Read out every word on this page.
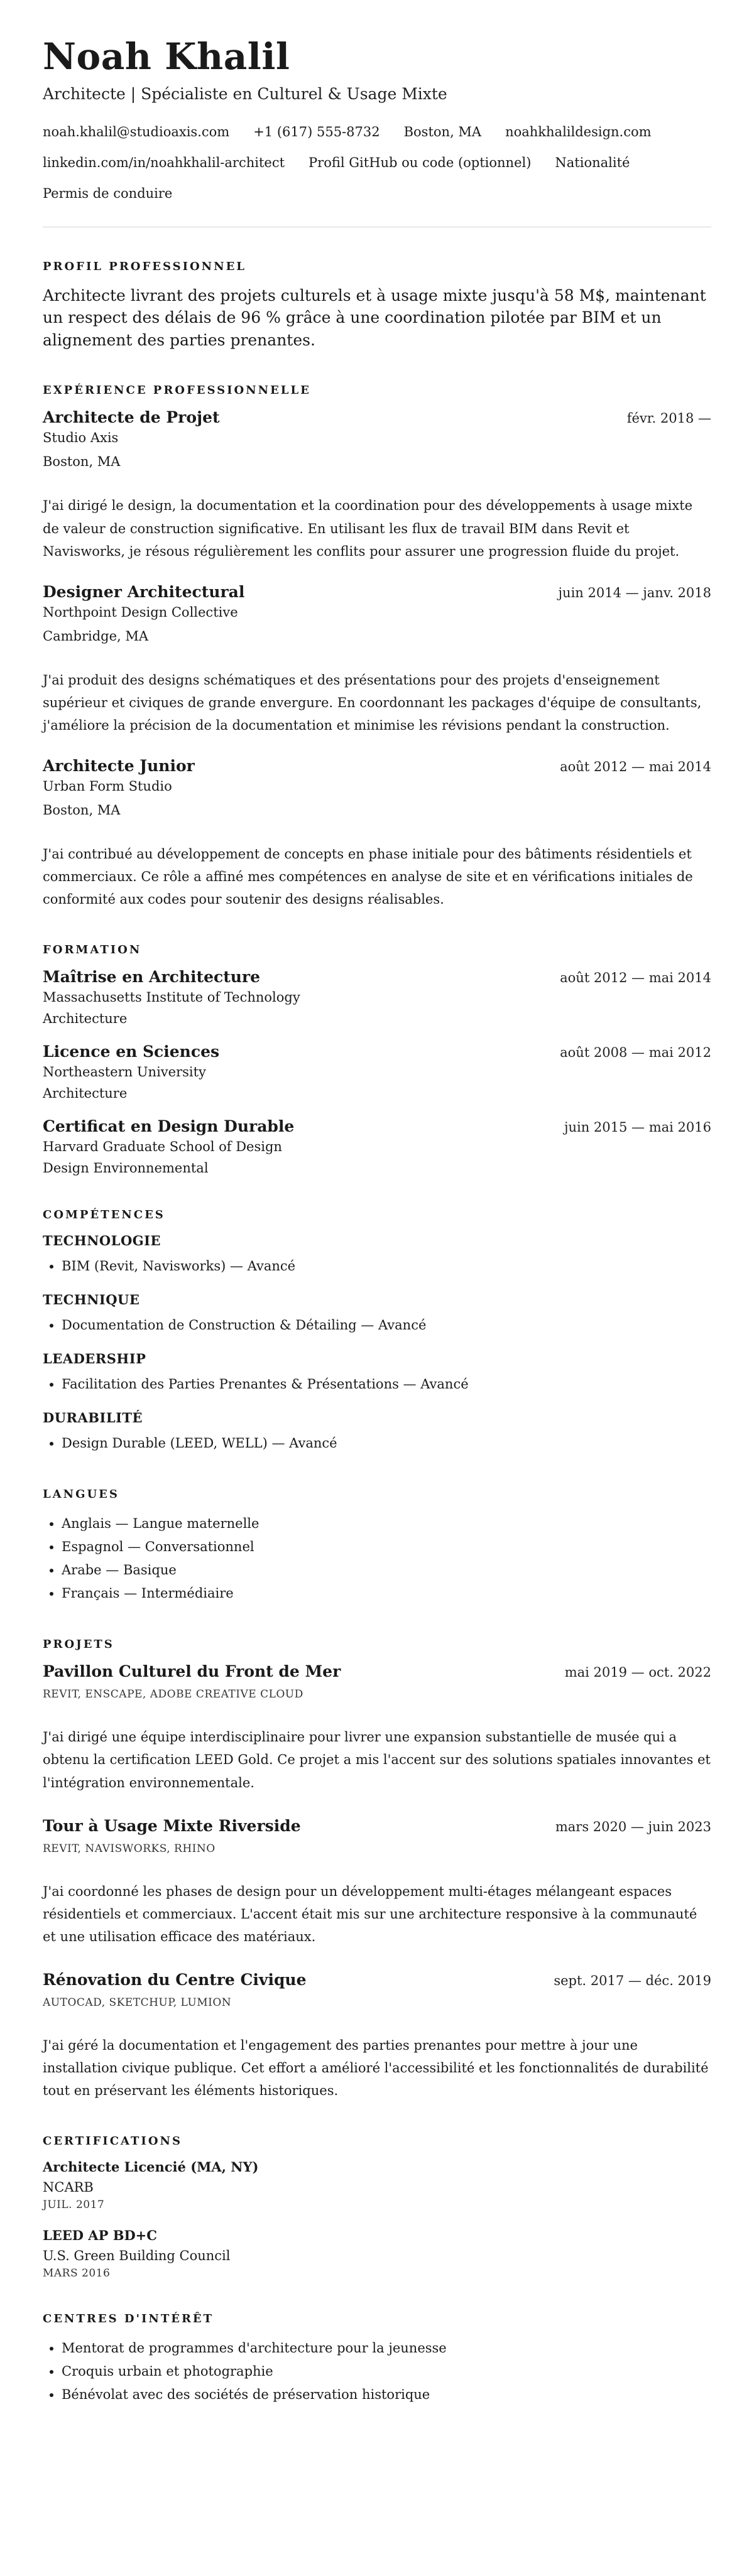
Noah Khalil
Architecte | Spécialiste en Culturel & Usage Mixte
noah.khalil@studioaxis.com +1 (617) 555-8732 Boston, MA noahkhalildesign.com
linkedin.com/in/noahkhalil-architect Profil GitHub ou code (optionnel) Nationalité
Permis de conduire
PROFIL PROFESSIONNEL
Architecte livrant des projets culturels et à usage mixte jusqu'à 58 M$, maintenant un respect des délais de 96 % grâce à une coordination pilotée par BIM et un alignement des parties prenantes.
EXPÉRIENCE PROFESSIONNELLE
Architecte de Projet	févr. 2018 —
Studio Axis
Boston, MA
J'ai dirigé le design, la documentation et la coordination pour des développements à usage mixte de valeur de construction significative. En utilisant les flux de travail BIM dans Revit et Navisworks, je résous régulièrement les conflits pour assurer une progression fluide du projet.
Designer Architectural	juin 2014 — janv. 2018
Northpoint Design Collective
Cambridge, MA
J'ai produit des designs schématiques et des présentations pour des projets d'enseignement supérieur et civiques de grande envergure. En coordonnant les packages d'équipe de consultants, j'améliore la précision de la documentation et minimise les révisions pendant la construction.
Architecte Junior	août 2012 — mai 2014
Urban Form Studio
Boston, MA
J'ai contribué au développement de concepts en phase initiale pour des bâtiments résidentiels et commerciaux. Ce rôle a affiné mes compétences en analyse de site et en vérifications initiales de conformité aux codes pour soutenir des designs réalisables.
FORMATION
Maîtrise en Architecture	août 2012 — mai 2014
Massachusetts Institute of Technology
Architecture
Licence en Sciences	août 2008 — mai 2012
Northeastern University
Architecture
Certificat en Design Durable	juin 2015 — mai 2016
Harvard Graduate School of Design
Design Environnemental
COMPÉTENCES
TECHNOLOGIE
• BIM (Revit, Navisworks) — Avancé
TECHNIQUE
• Documentation de Construction & Détailing — Avancé
LEADERSHIP
• Facilitation des Parties Prenantes & Présentations — Avancé
DURABILITÉ
• Design Durable (LEED, WELL) — Avancé
LANGUES
• Anglais — Langue maternelle
• Espagnol — Conversationnel
• Arabe — Basique
• Français — Intermédiaire
PROJETS
Pavillon Culturel du Front de Mer	mai 2019 — oct. 2022
REVIT, ENSCAPE, ADOBE CREATIVE CLOUD
J'ai dirigé une équipe interdisciplinaire pour livrer une expansion substantielle de musée qui a obtenu la certification LEED Gold. Ce projet a mis l'accent sur des solutions spatiales innovantes et l'intégration environnementale.
Tour à Usage Mixte Riverside	mars 2020 — juin 2023
REVIT, NAVISWORKS, RHINO
J'ai coordonné les phases de design pour un développement multi-étages mélangeant espaces résidentiels et commerciaux. L'accent était mis sur une architecture responsive à la communauté et une utilisation efficace des matériaux.
Rénovation du Centre Civique	sept. 2017 — déc. 2019
AUTOCAD, SKETCHUP, LUMION
J'ai géré la documentation et l'engagement des parties prenantes pour mettre à jour une installation civique publique. Cet effort a amélioré l'accessibilité et les fonctionnalités de durabilité tout en préservant les éléments historiques.
CERTIFICATIONS
Architecte Licencié (MA, NY)
NCARB
JUIL. 2017
LEED AP BD+C
U.S. Green Building Council
MARS 2016
CENTRES D'INTÉRÊT
• Mentorat de programmes d'architecture pour la jeunesse
• Croquis urbain et photographie
• Bénévolat avec des sociétés de préservation historique
